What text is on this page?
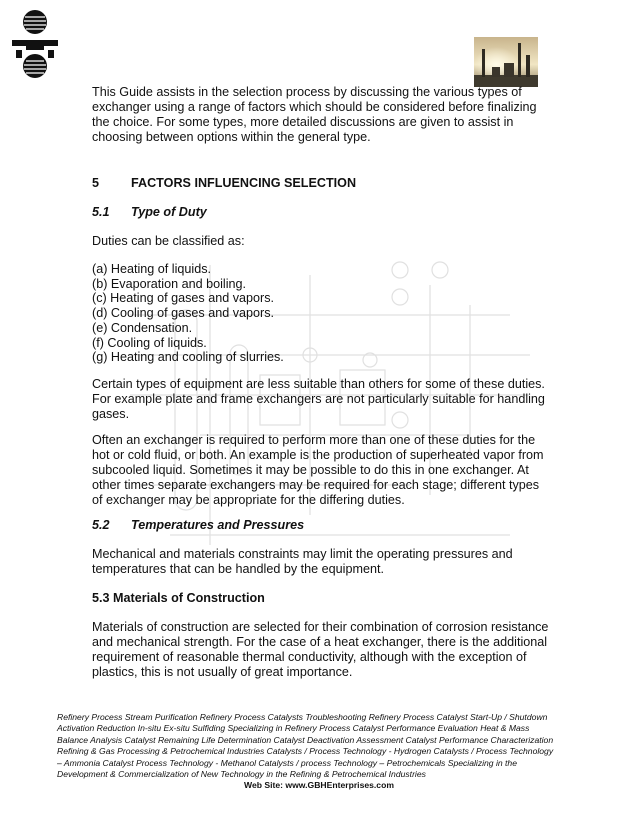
This Guide assists in the selection process by discussing the various types of exchanger using a range of factors which should be considered before finalizing the choice. For some types, more detailed discussions are given to assist in choosing between options within the general type.

5	FACTORS INFLUENCING SELECTION
5.1 Type of Duty

Duties can be classified as:

(a) Heating of liquids.
(b) Evaporation and boiling.
(c) Heating of gases and vapors.
(d) Cooling of gases and vapors.
(e) Condensation.
(f) Cooling of liquids.
(g) Heating and cooling of slurries.

Certain types of equipment are less suitable than others for some of these duties. For example plate and frame exchangers are not particularly suitable for handling gases.

Often an exchanger is required to perform more than one of these duties for the hot or cold fluid, or both. An example is the production of superheated vapor from subcooled liquid. Sometimes it may be possible to do this in one exchanger. At other times separate exchangers may be required for each stage; different types of exchanger may be appropriate for the differing duties.

5.2 Temperatures and Pressures

Mechanical and materials constraints may limit the operating pressures and temperatures that can be handled by the equipment.

5.3 Materials of Construction

Materials of construction are selected for their combination of corrosion resistance and mechanical strength. For the case of a heat exchanger, there is the additional requirement of reasonable thermal conductivity, although with the exception of plastics, this is not usually of great importance.

Refinery Process Stream Purification Refinery Process Catalysts Troubleshooting Refinery Process Catalyst Start-Up / Shutdown Activation Reduction In-situ Ex-situ Sulfiding Specializing in Refinery Process Catalyst Performance Evaluation Heat & Mass Balance Analysis Catalyst Remaining Life Determination Catalyst Deactivation Assessment Catalyst Performance Characterization Refining & Gas Processing & Petrochemical Industries Catalysts / Process Technology - Hydrogen Catalysts / Process Technology – Ammonia Catalyst Process Technology - Methanol Catalysts / process Technology – Petrochemicals Specializing in the Development & Commercialization of New Technology in the Refining & Petrochemical Industries

Web Site: www.GBHEnterprises.com
